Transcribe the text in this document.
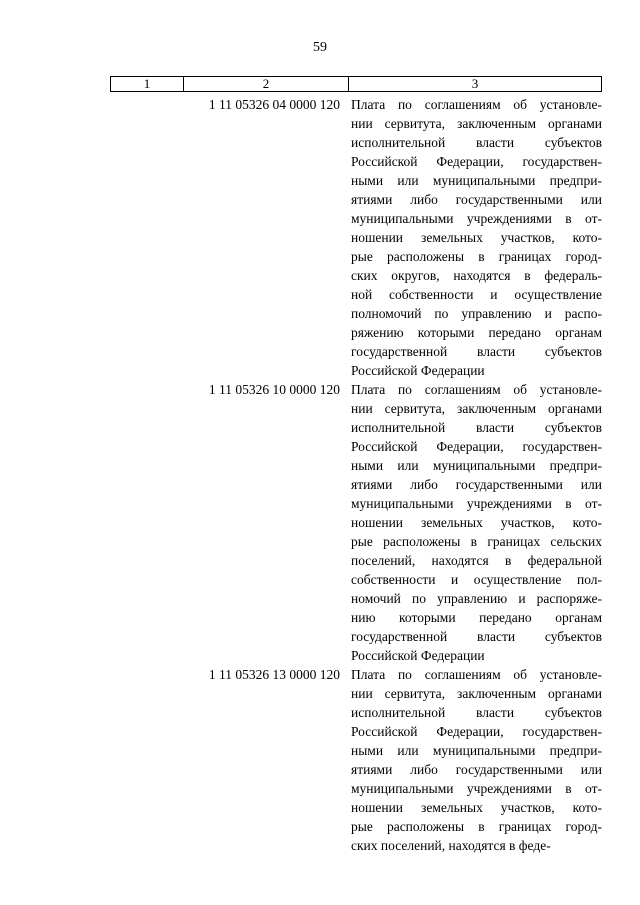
59
1	2	3
1 11 05326 04 0000 120 Плата по соглашениям об установле-
нии сервитута, заключенным органами
исполнительной власти субъектов
Российской Федерации, государствен-
ными или муниципальными предпри-
ятиями либо государственными или
муниципальными учреждениями в от-
ношении земельных участков, кото-
рые расположены в границах город-
ских округов, находятся в федераль-
ной собственности и осуществление
полномочий по управлению и распо-
ряжению которыми передано органам
государственной власти субъектов
Российской Федерации
1 11 05326 10 0000 120 Плата по соглашениям об установле-
нии сервитута, заключенным органами
исполнительной власти субъектов
Российской Федерации, государствен-
ными или муниципальными предпри-
ятиями либо государственными или
муниципальными учреждениями в от-
ношении земельных участков, кото-
рые расположены в границах сельских
поселений, находятся в федеральной
собственности и осуществление пол-
номочий по управлению и распоряже-
нию которыми передано органам
государственной власти субъектов
Российской Федерации
1 11 05326 13 0000 120 Плата по соглашениям об установле-
нии сервитута, заключенным органами
исполнительной власти субъектов
Российской Федерации, государствен-
ными или муниципальными предпри-
ятиями либо государственными или
муниципальными учреждениями в от-
ношении земельных участков, кото-
рые расположены в границах город-
ских поселений, находятся в феде-
